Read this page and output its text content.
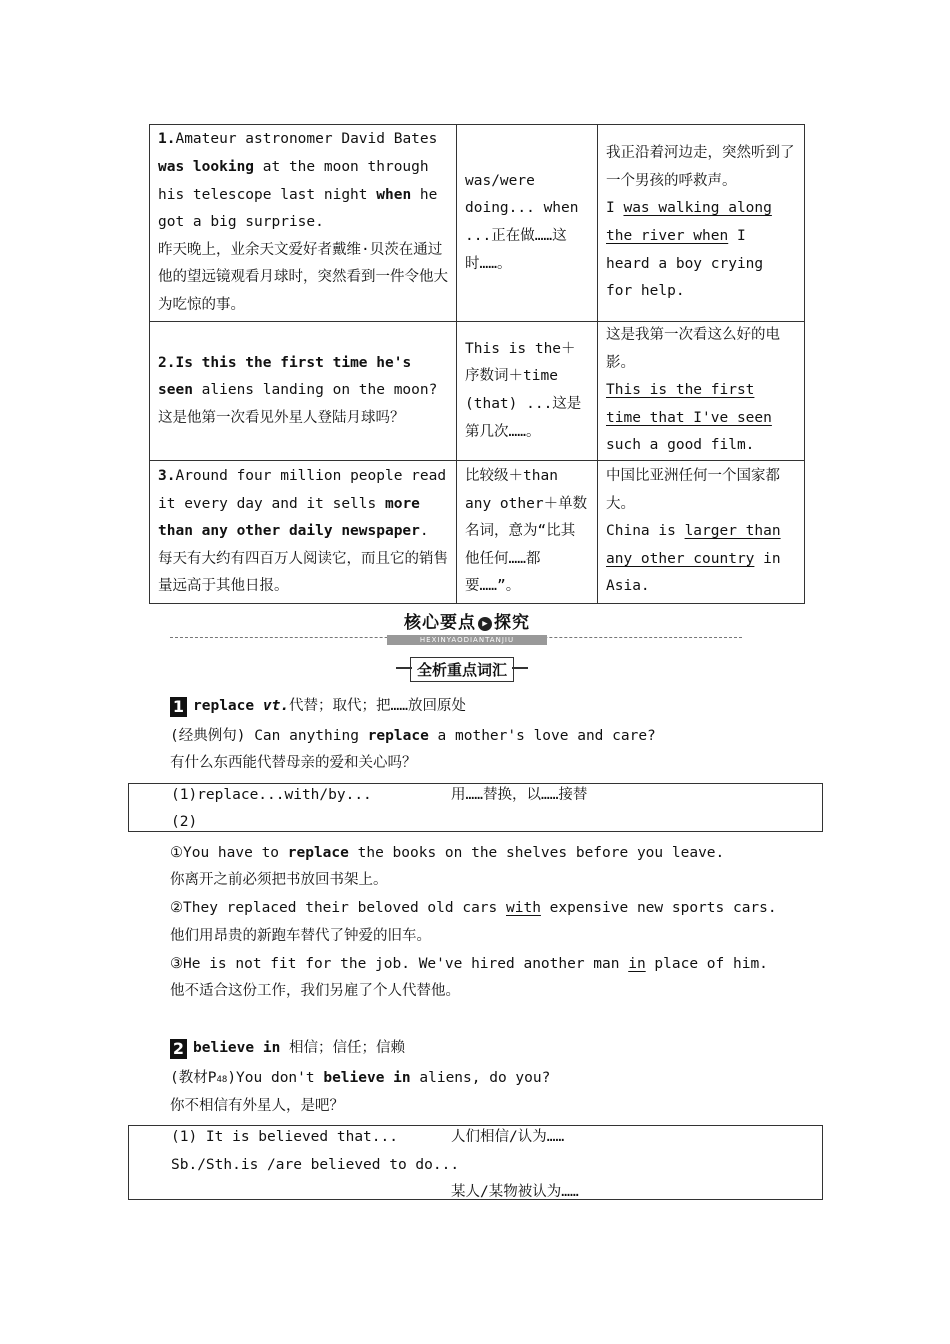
1.Amateur astronomer David Bates was looking at the moon through his telescope last night when he got a big surprise.
昨天晚上，业余天文爱好者戴维·贝茨在通过他的望远镜观看月球时，突然看到一件令他大为吃惊的事。	was/were doing... when ...正在做……这时……。	我正沿着河边走，突然听到了一个男孩的呼救声。
I was walking along the river when I heard a boy crying for help.
2.Is this the first time he's seen aliens landing on the moon?
这是他第一次看见外星人登陆月球吗？	This is the＋序数词＋time (that) ...这是第几次……。	这是我第一次看这么好的电影。
This is the first time that I've seen such a good film.
3.Around four million people read it every day and it sells more than any other daily newspaper.
每天有大约有四百万人阅读它，而且它的销售量远高于其他日报。	比较级＋than any other＋单数名词，意为“比其他任何……都要……”。	中国比亚洲任何一个国家都大。
China is larger than any other country in Asia.
核心要点 ▶ 探究
HEXINYAODIANTANJIU
全析重点词汇
1 replace vt.代替；取代；把……放回原处
(经典例句) Can anything replace a mother's love and care?
有什么东西能代替母亲的爱和关心吗？
(1)replace...with/by...	用……替换，以……接替
(2)
①You have to replace the books on the shelves before you leave.
你离开之前必须把书放回书架上。
②They replaced their beloved old cars with expensive new sports cars.
他们用昂贵的新跑车替代了钟爱的旧车。
③He is not fit for the job. We've hired another man in place of him.
他不适合这份工作，我们另雇了个人代替他。
2 believe in 相信；信任；信赖
(教材P48)You don't believe in aliens, do you?
你不相信有外星人，是吧？
(1) It is believed that...	人们相信/认为……
Sb./Sth.is /are believed to do...
某人/某物被认为……
